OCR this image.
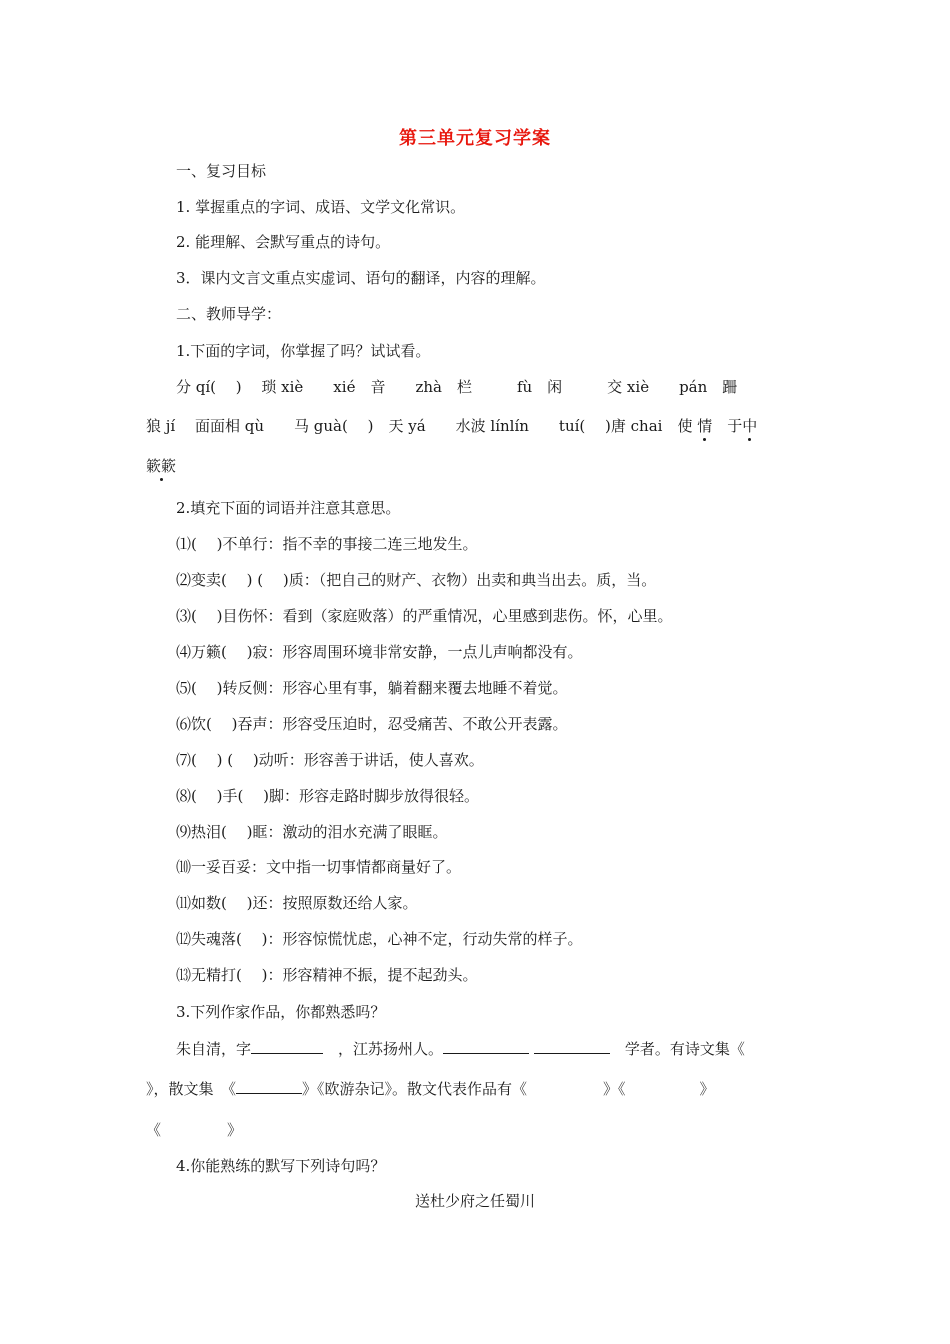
第三单元复习学案
一、复习目标
1. 掌握重点的字词、成语、文学文化常识。
2. 能理解、会默写重点的诗句。
3．课内文言文重点实虚词、语句的翻译，内容的理解。
二、教师导学：
1.下面的字词，你掌握了吗？试试看。
分 qí(　 )　 琐 xiè　　xié　音　　zhà　栏　　　fù　闲　　　交 xiè　　pán　跚
狼 jí　 面面相 qù　　马 guà(　 )　天 yá　　水波 línlín　　tuí(　 )唐 chai　使 情　于中
簌簌
2.填充下面的词语并注意其意思。
⑴(　 )不单行：指不幸的事接二连三地发生。
⑵变卖(　 ) (　 )质：（把自己的财产、衣物）出卖和典当出去。质，当。
⑶(　 )目伤怀：看到（家庭败落）的严重情况，心里感到悲伤。怀，心里。
⑷万籁(　 )寂：形容周围环境非常安静，一点儿声响都没有。
⑸(　 )转反侧：形容心里有事，躺着翻来覆去地睡不着觉。
⑹饮(　 )吞声：形容受压迫时，忍受痛苦、不敢公开表露。
⑺(　 ) (　 )动听：形容善于讲话，使人喜欢。
⑻(　 )手(　 )脚：形容走路时脚步放得很轻。
⑼热泪(　 )眶：激动的泪水充满了眼眶。
⑽一妥百妥：文中指一切事情都商量好了。
⑾如数(　 )还：按照原数还给人家。
⑿失魂落(　 )：形容惊慌忧虑，心神不定，行动失常的样子。
⒀无精打(　 )：形容精神不振，提不起劲头。
3.下列作家作品，你都熟悉吗？
朱自清，字	　，江苏扬州人。	　学者。有诗文集《
》，散文集　《	》《欧游杂记》。散文代表作品有《	》《	》
《	》
4.你能熟练的默写下列诗句吗？
送杜少府之任蜀川
